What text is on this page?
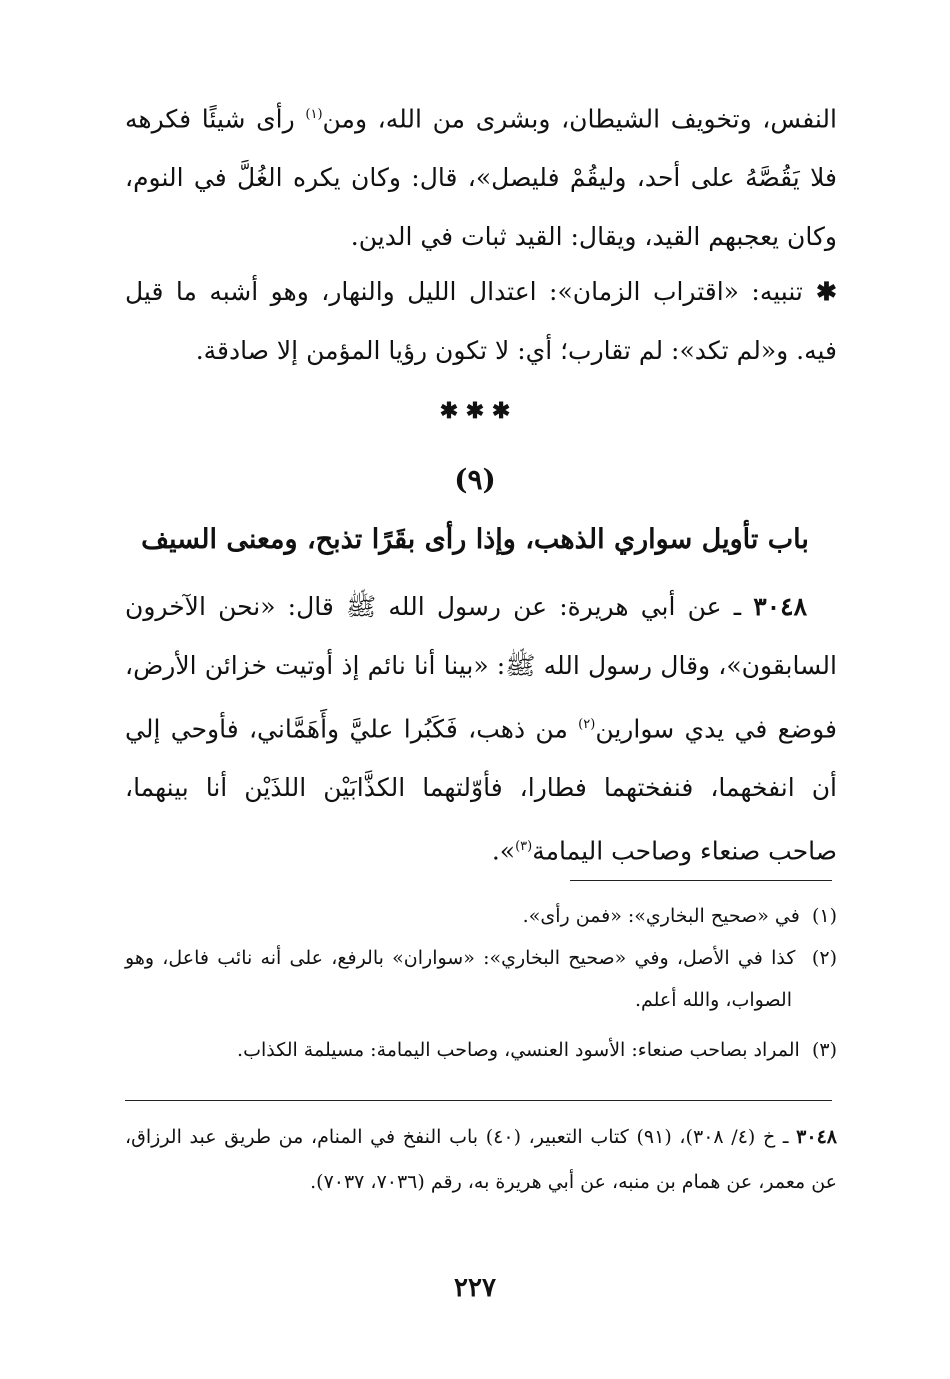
النفس، وتخويف الشيطان، وبشرى من الله، ومن$^{(١)}$ رأى شيئًا فكرهه فلا يَقُصَّهُ على أحد، وليقُمْ فليصل»، قال: وكان يكره الغُلَّ في النوم، وكان يعجبهم القيد، ويقال: القيد ثبات في الدين.

✱ تنبيه: «اقتراب الزمان»: اعتدال الليل والنهار، وهو أشبه ما قيل فيه. و«لم تكد»: لم تقارب؛ أي: لا تكون رؤيا المؤمن إلا صادقة.

✱ ✱ ✱
(٩)
باب تأويل سواري الذهب، وإذا رأى بقَرًا تذبح، ومعنى السيف

٣٠٤٨ ـ عن أبي هريرة: عن رسول الله ﷺ قال: «نحن الآخرون السابقون»، وقال رسول الله ﷺ: «بينا أنا نائم إذ أوتيت خزائن الأرض، فوضع في يدي سوارين$^{(٢)}$ من ذهب، فَكَبُرا عليَّ وأَهَمَّاني، فأوحي إلي أن انفخهما، فنفختهما فطارا، فأوّلتهما الكذَّابَيْن اللذَيْن أنا بينهما، صاحب صنعاء وصاحب اليمامة$^{(٣)}$».

(١)  في «صحيح البخاري»: «فمن رأى».

(٢)  كذا في الأصل، وفي «صحيح البخاري»: «سواران» بالرفع، على أنه نائب فاعل، وهو الصواب، والله أعلم.

(٣)  المراد بصاحب صنعاء: الأسود العنسي، وصاحب اليمامة: مسيلمة الكذاب.

٣٠٤٨ ـ خ (٤/ ٣٠٨)، (٩١) كتاب التعبير، (٤٠) باب النفخ في المنام، من طريق عبد الرزاق، عن معمر، عن همام بن منبه، عن أبي هريرة به، رقم (٧٠٣٦، ٧٠٣٧).

٢٢٧
